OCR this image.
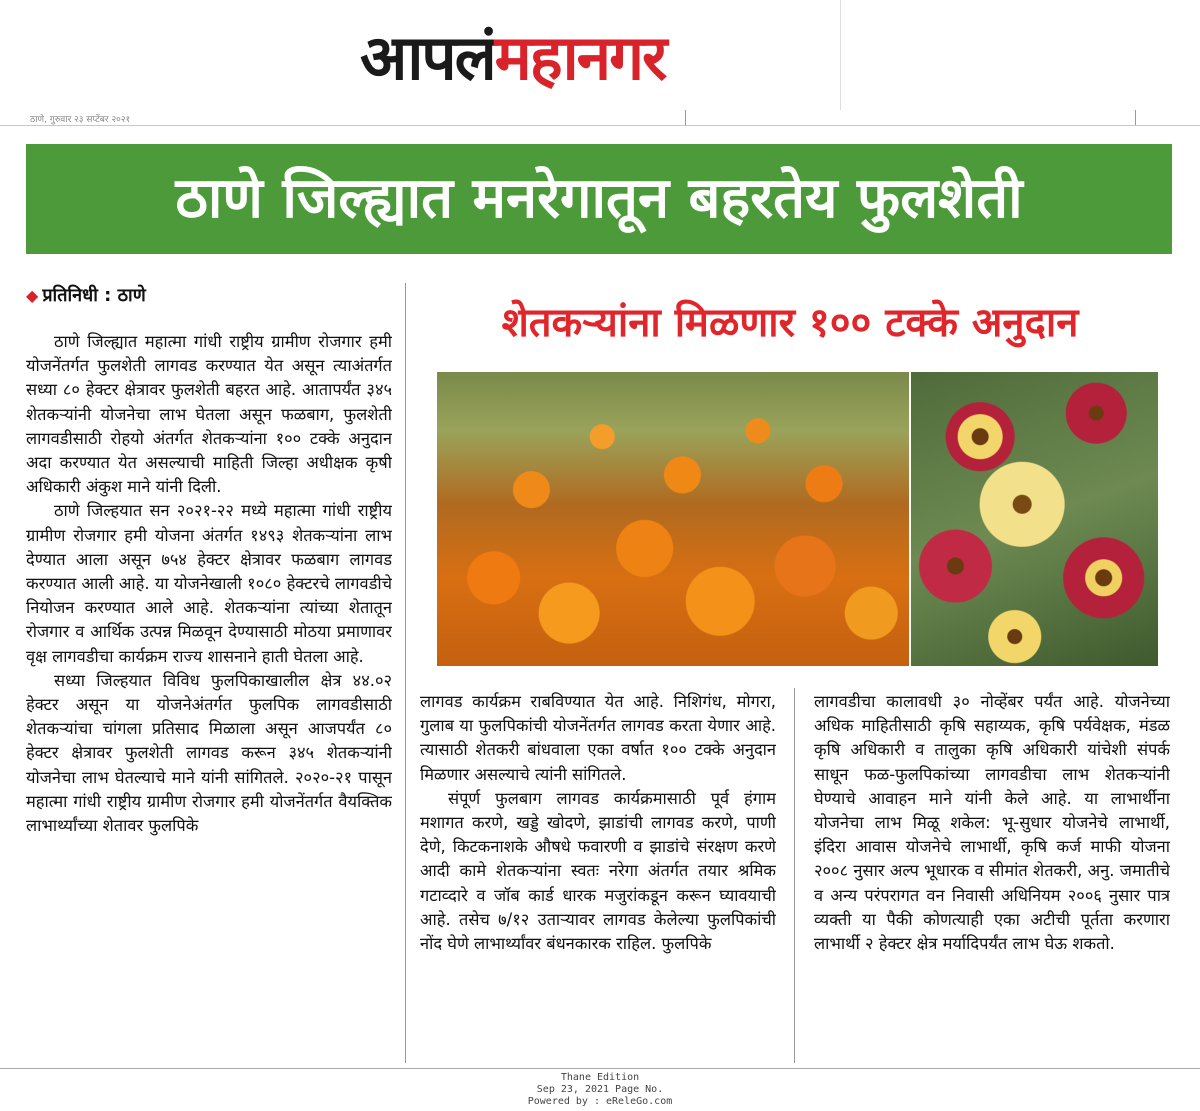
आपलंमहानगर
ठाणे, गुरुवार २३ सप्टेंबर २०२१
ठाणे जिल्ह्यात मनरेगातून बहरतेय फुलशेती
◆ प्रतिनिधी : ठाणे

ठाणे जिल्ह्यात महात्मा गांधी राष्ट्रीय ग्रामीण रोजगार हमी योजनेंतर्गत फुलशेती लागवड करण्यात येत असून त्याअंतर्गत सध्या ८० हेक्टर क्षेत्रावर फुलशेती बहरत आहे. आतापर्यंत ३४५ शेतकऱ्यांनी योजनेचा लाभ घेतला असून फळबाग, फुलशेती लागवडीसाठी रोहयो अंतर्गत शेतकऱ्यांना १०० टक्के अनुदान अदा करण्यात येत असल्याची माहिती जिल्हा अधीक्षक कृषी अधिकारी अंकुश माने यांनी दिली.

ठाणे जिल्हयात सन २०२१-२२ मध्ये महात्मा गांधी राष्ट्रीय ग्रामीण रोजगार हमी योजना अंतर्गत १४९३ शेतकऱ्यांना लाभ देण्यात आला असून ७५४ हेक्टर क्षेत्रावर फळबाग लागवड करण्यात आली आहे. या योजनेखाली १०८० हेक्टरचे लागवडीचे नियोजन करण्यात आले आहे. शेतकऱ्यांना त्यांच्या शेतातून रोजगार व आर्थिक उत्पन्न मिळवून देण्यासाठी मोठया प्रमाणावर वृक्ष लागवडीचा कार्यक्रम राज्य शासनाने हाती घेतला आहे.

सध्या जिल्हयात विविध फुलपिकाखालील क्षेत्र ४४.०२ हेक्टर असून या योजनेअंतर्गत फुलपिक लागवडीसाठी शेतकऱ्यांचा चांगला प्रतिसाद मिळाला असून आजपर्यंत ८० हेक्टर क्षेत्रावर फुलशेती लागवड करून ३४५ शेतकऱ्यांनी योजनेचा लाभ घेतल्याचे माने यांनी सांगितले. २०२०-२१ पासून महात्मा गांधी राष्ट्रीय ग्रामीण रोजगार हमी योजनेंतर्गत वैयक्तिक लाभार्थ्यांच्या शेतावर फुलपिके

शेतकऱ्यांना मिळणार १०० टक्के अनुदान

लागवड कार्यक्रम राबविण्यात येत आहे. निशिगंध, मोगरा, गुलाब या फुलपिकांची योजनेंतर्गत लागवड करता येणार आहे. त्यासाठी शेतकरी बांधवाला एका वर्षात १०० टक्के अनुदान मिळणार असल्याचे त्यांनी सांगितले.

संपूर्ण फुलबाग लागवड कार्यक्रमासाठी पूर्व हंगाम मशागत करणे, खड्डे खोदणे, झाडांची लागवड करणे, पाणी देणे, किटकनाशके औषधे फवारणी व झाडांचे संरक्षण करणे आदी कामे शेतकऱ्यांना स्वतः नरेगा अंतर्गत तयार श्रमिक गटाव्दारे व जॉब कार्ड धारक मजुरांकडून करून घ्यावयाची आहे. तसेच ७/१२ उताऱ्यावर लागवड केलेल्या फुलपिकांची नोंद घेणे लाभार्थ्यांवर बंधनकारक राहिल. फुलपिके

लागवडीचा कालावधी ३० नोव्हेंबर पर्यंत आहे. योजनेच्या अधिक माहितीसाठी कृषि सहाय्यक, कृषि पर्यवेक्षक, मंडळ कृषि अधिकारी व तालुका कृषि अधिकारी यांचेशी संपर्क साधून फळ-फुलपिकांच्या लागवडीचा लाभ शेतकऱ्यांनी घेण्याचे आवाहन माने यांनी केले आहे. या लाभार्थीना योजनेचा लाभ मिळू शकेल: भू-सुधार योजनेचे लाभार्थी, इंदिरा आवास योजनेचे लाभार्थी, कृषि कर्ज माफी योजना २००८ नुसार अल्प भूधारक व सीमांत शेतकरी, अनु. जमातीचे व अन्य परंपरागत वन निवासी अधिनियम २००६ नुसार पात्र व्यक्ती या पैकी कोणत्याही एका अटीची पूर्तता करणारा लाभार्थी २ हेक्टर क्षेत्र मर्यादिपर्यंत लाभ घेऊ शकतो.

Thane Edition
Sep 23, 2021 Page No.
Powered by : eReleGo.com
